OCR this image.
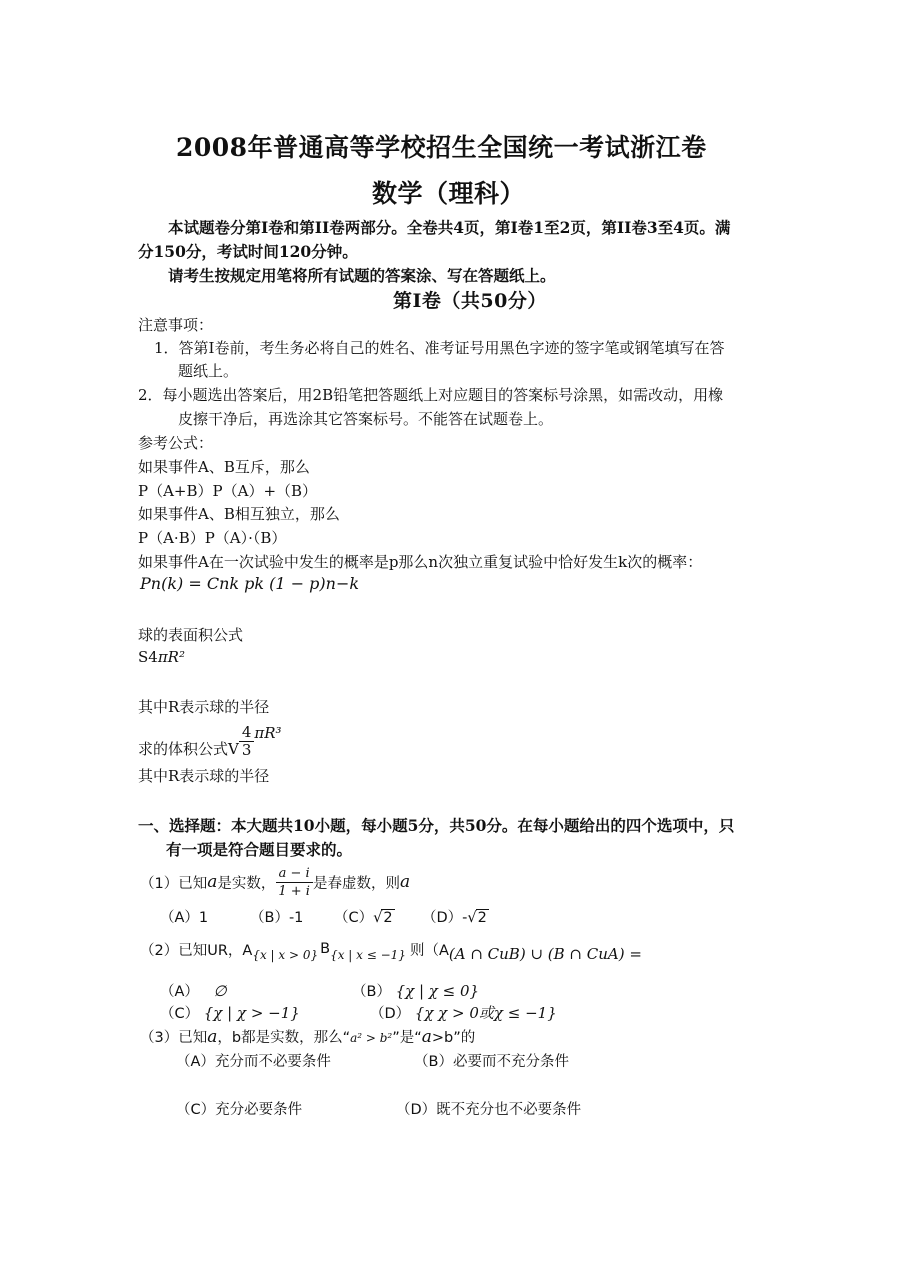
2008年普通高等学校招生全国统一考试浙江卷
数学（理科）
本试题卷分第I卷和第II卷两部分。全卷共4页，第I卷1至2页，第II卷3至4页。满
分150分，考试时间120分钟。
请考生按规定用笔将所有试题的答案涂、写在答题纸上。
第I卷（共50分）
注意事项：
1．答第Ⅰ卷前，考生务必将自己的姓名、准考证号用黑色字迹的签字笔或钢笔填写在答
题纸上。
2．每小题选出答案后，用2B铅笔把答题纸上对应题目的答案标号涂黑，如需改动，用橡
皮擦干净后，再选涂其它答案标号。不能答在试题卷上。
参考公式：
如果事件A、B互斥，那么
P（A+B）P（A）+（B）
如果事件A、B相互独立，那么
P（A·B）P（A）·（B）
如果事件A在一次试验中发生的概率是p那么n次独立重复试验中恰好发生k次的概率：
Pn(k) = Cnk pk (1 − p)n−k
球的表面积公式
S4πR²
其中R表示球的半径
求的体积公式V $\frac{4}{3} \pi R^3$
其中R表示球的半径
一、选择题：本大题共10小题，每小题5分，共50分。在每小题给出的四个选项中，只
有一项是符合题目要求的。
（1）已知 a 是实数， $\frac{a - i}{1 + i}$ 是春虚数，则 a
（A）1	（B）-1 （C）√2 （D）-√2
（2）已知UR，A {x | x > 0} B {x | x ≤ −1} 则（A (A ∩ CuB) ∪ (B ∩ CuA) =
（A） ∅	（B） {χ | χ ≤ 0}
（C） {χ | χ > −1}	（D） {χ χ > 0或χ ≤ −1}
（3）已知a，b都是实数，那么“a² > b²”是“a>b”的
（A）充分而不必要条件	（B）必要而不充分条件
（C）充分必要条件	（D）既不充分也不必要条件
